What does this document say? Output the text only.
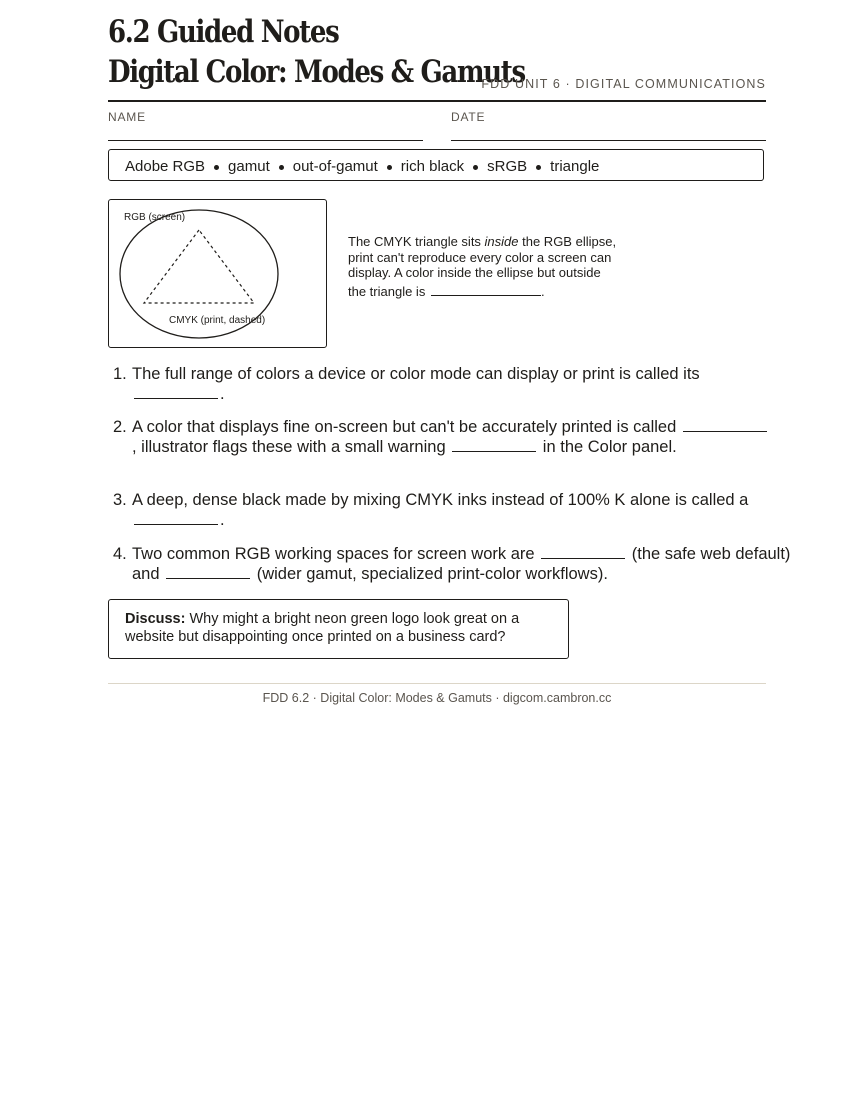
6.2 Guided Notes
Digital Color: Modes & Gamuts
FDD UNIT 6 · DIGITAL COMMUNICATIONS
NAME	DATE
Adobe RGB gamut out-of-gamut rich black sRGB triangle
RGB (screen)
CMYK (print, dashed)
The CMYK triangle sits inside the RGB ellipse, print can't reproduce every color a screen can display. A color inside the ellipse but outside the triangle is	.
1. The full range of colors a device or color mode can display or print is called its .
2. A color that displays fine on-screen but can't be accurately printed is called , illustrator flags these with a small warning	in the Color panel.
3. A deep, dense black made by mixing CMYK inks instead of 100% K alone is called a .
4. Two common RGB working spaces for screen work are	(the safe web default) and	(wider gamut, specialized print-color workflows).
Discuss: Why might a bright neon green logo look great on a website but disappointing once printed on a business card?
FDD 6.2 · Digital Color: Modes & Gamuts · digcom.cambron.cc
